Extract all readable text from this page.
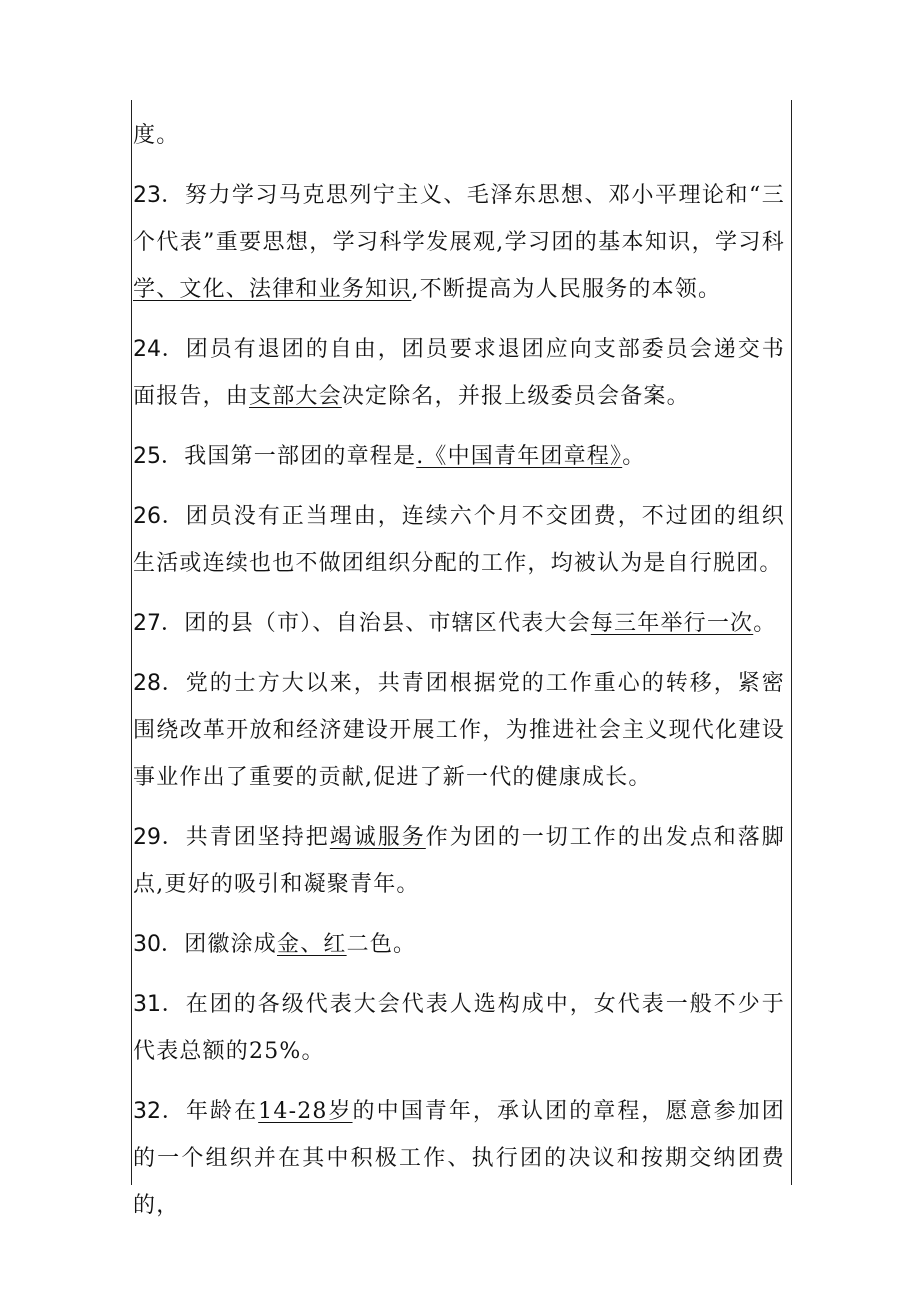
度。

23．努力学习马克思列宁主义、毛泽东思想、邓小平理论和“三个代表”重要思想，学习科学发展观,学习团的基本知识，学习科学、文化、法律和业务知识,不断提高为人民服务的本领。

24．团员有退团的自由，团员要求退团应向支部委员会递交书面报告，由支部大会决定除名，并报上级委员会备案。

25．我国第一部团的章程是.《中国青年团章程》。

26．团员没有正当理由，连续六个月不交团费，不过团的组织生活或连续也也不做团组织分配的工作，均被认为是自行脱团。

27．团的县（市）、自治县、市辖区代表大会每三年举行一次。

28．党的士方大以来，共青团根据党的工作重心的转移，紧密围绕改革开放和经济建设开展工作，为推进社会主义现代化建设事业作出了重要的贡献,促进了新一代的健康成长。

29．共青团坚持把竭诚服务作为团的一切工作的出发点和落脚点,更好的吸引和凝聚青年。

30．团徽涂成金、红二色。

31．在团的各级代表大会代表人选构成中，女代表一般不少于代表总额的25%。

32．年龄在14-28岁的中国青年，承认团的章程，愿意参加团的一个组织并在其中积极工作、执行团的决议和按期交纳团费的，
